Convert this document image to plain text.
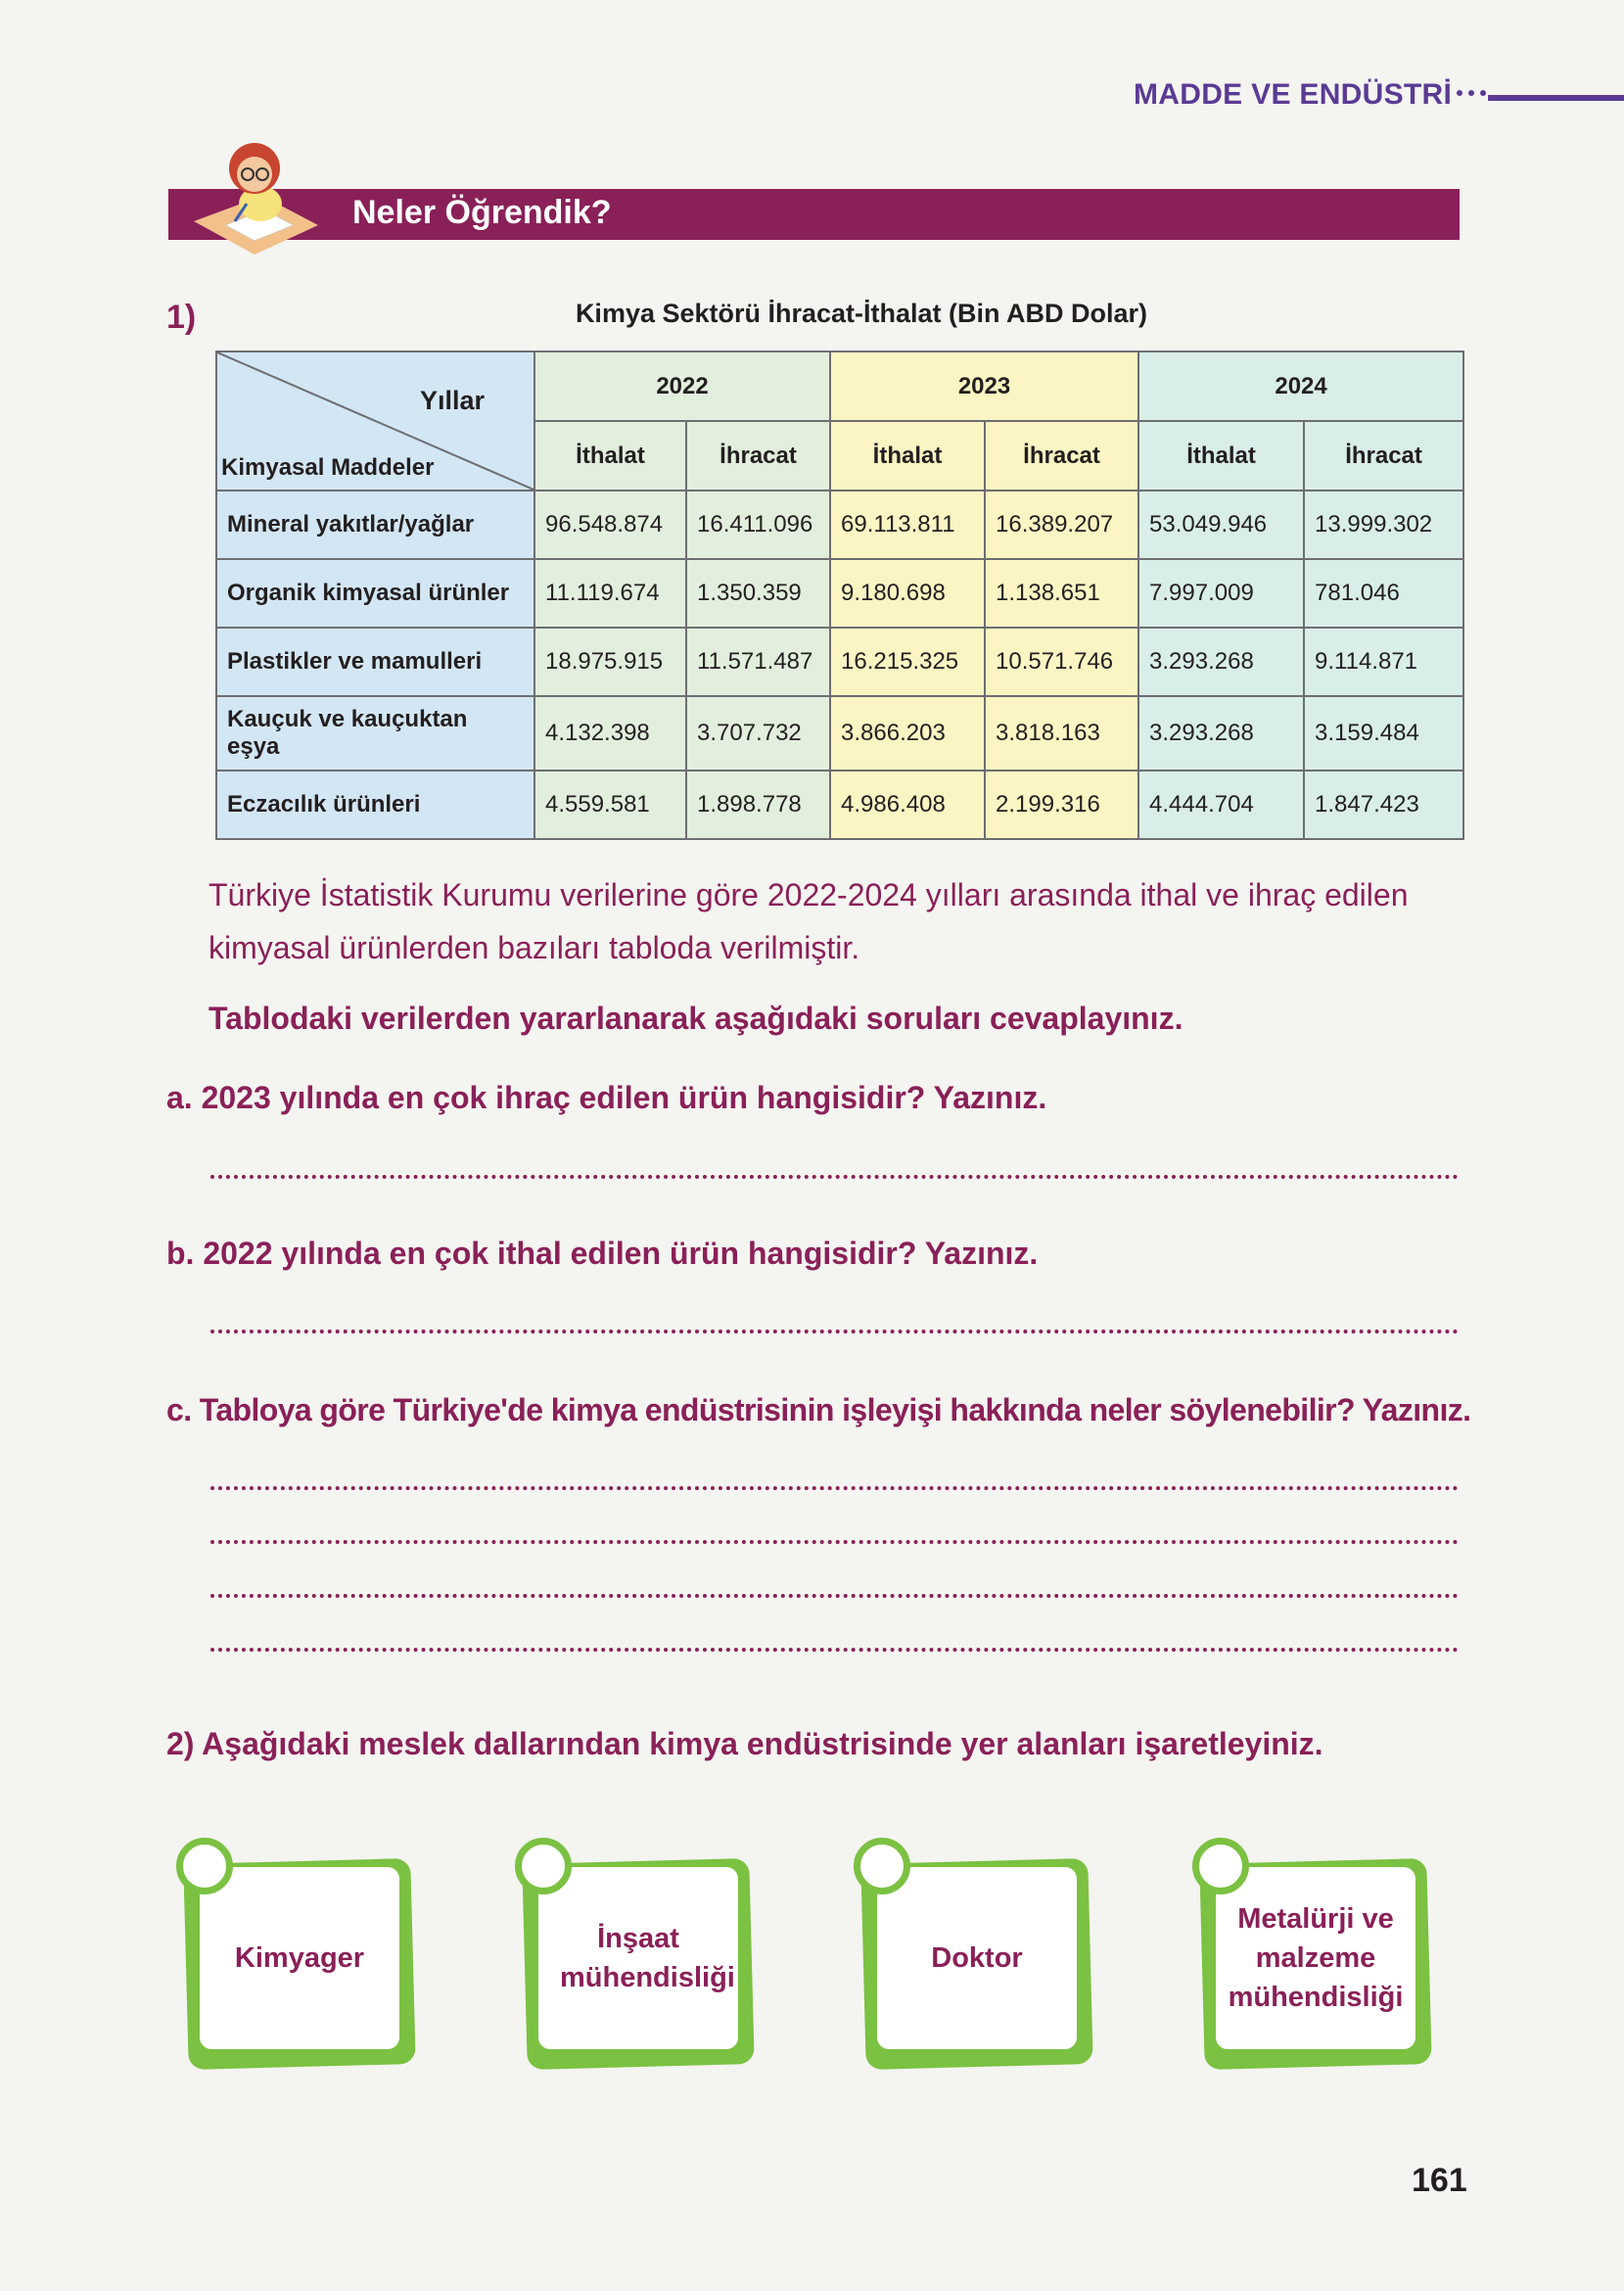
MADDE VE ENDÜSTRİ
Neler Öğrendik?
1)	Kimya Sektörü İhracat-İthalat (Bin ABD Dolar)
Yıllar
Kimyasal Maddeler	2022		2023		2024	
	İthalat	İhracat	İthalat	İhracat	İthalat	İhracat
Mineral yakıtlar/yağlar	96.548.874	16.411.096	69.113.811	16.389.207	53.049.946	13.999.302
Organik kimyasal ürünler	11.119.674	1.350.359	9.180.698	1.138.651	7.997.009	781.046
Plastikler ve mamulleri	18.975.915	11.571.487	16.215.325	10.571.746	3.293.268	9.114.871
Kauçuk ve kauçuktan eşya	4.132.398	3.707.732	3.866.203	3.818.163	3.293.268	3.159.484
Eczacılık ürünleri	4.559.581	1.898.778	4.986.408	2.199.316	4.444.704	1.847.423
Türkiye İstatistik Kurumu verilerine göre 2022-2024 yılları arasında ithal ve ihraç edilen kimyasal ürünlerden bazıları tabloda verilmiştir.
Tablodaki verilerden yararlanarak aşağıdaki soruları cevaplayınız.
a. 2023 yılında en çok ihraç edilen ürün hangisidir? Yazınız.
b. 2022 yılında en çok ithal edilen ürün hangisidir? Yazınız.
c. Tabloya göre Türkiye'de kimya endüstrisinin işleyişi hakkında neler söylenebilir? Yazınız.
2) Aşağıdaki meslek dallarından kimya endüstrisinde yer alanları işaretleyiniz.
Kimyager
İnşaat mühendisliği
Doktor
Metalürji ve malzeme mühendisliği
161
